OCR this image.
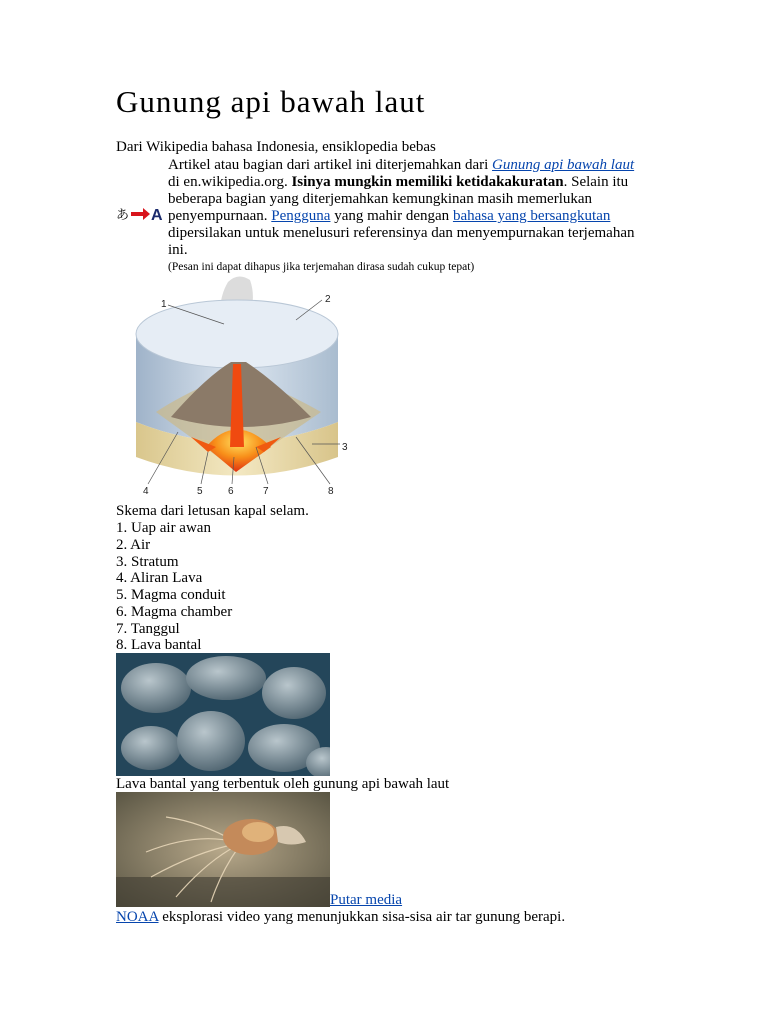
Gunung api bawah laut
Dari Wikipedia bahasa Indonesia, ensiklopedia bebas
あ A
Artikel atau bagian dari artikel ini diterjemahkan dari Gunung api bawah laut
di en.wikipedia.org. Isinya mungkin memiliki ketidakakuratan. Selain itu
beberapa bagian yang diterjemahkan kemungkinan masih memerlukan
penyempurnaan. Pengguna yang mahir dengan bahasa yang bersangkutan
dipersilakan untuk menelusuri referensinya dan menyempurnakan terjemahan
ini.
(Pesan ini dapat dihapus jika terjemahan dirasa sudah cukup tepat)
1	2
3
4	5	6	7	8
Skema dari letusan kapal selam.
1. Uap air awan
2. Air
3. Stratum
4. Aliran Lava
5. Magma conduit
6. Magma chamber
7. Tanggul
8. Lava bantal
Lava bantal yang terbentuk oleh gunung api bawah laut
Putar media
NOAA eksplorasi video yang menunjukkan sisa-sisa air tar gunung berapi.
